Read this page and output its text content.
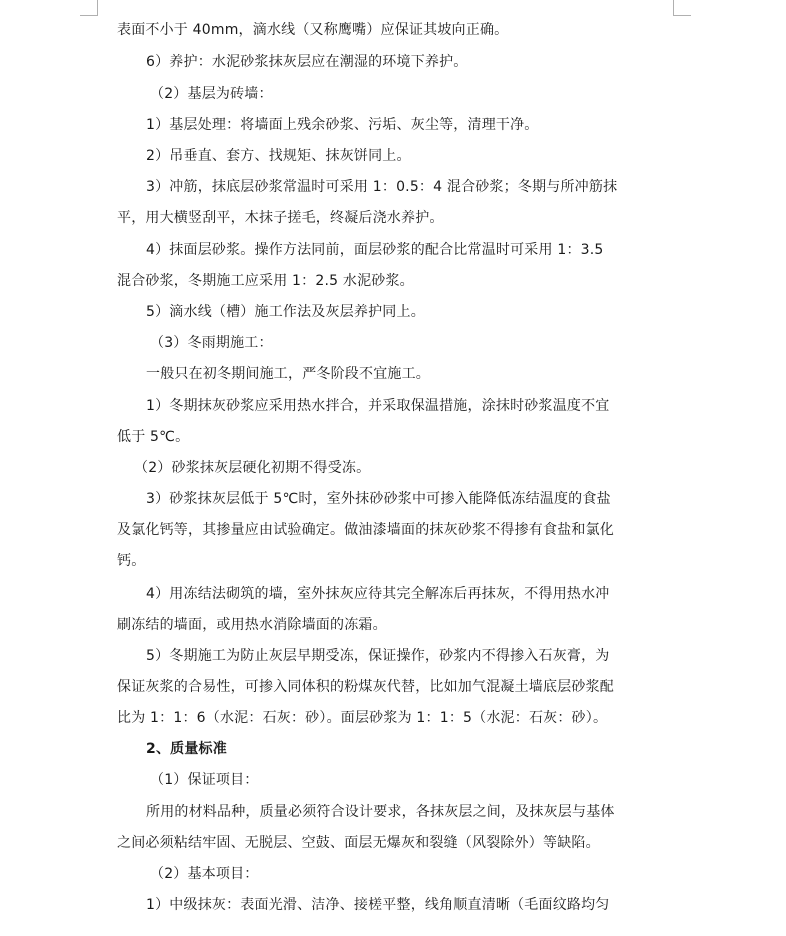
表面不小于 40mm，滴水线（又称鹰嘴）应保证其坡向正确。
6）养护：水泥砂浆抹灰层应在潮湿的环境下养护。
（2）基层为砖墙：
1）基层处理：将墙面上残余砂浆、污垢、灰尘等，清理干净。
2）吊垂直、套方、找规矩、抹灰饼同上。
3）冲筋，抹底层砂浆常温时可采用 1：0.5：4 混合砂浆；冬期与所冲筋抹
平，用大横竖刮平，木抹子搓毛，终凝后浇水养护。
4）抹面层砂浆。操作方法同前，面层砂浆的配合比常温时可采用 1：3.5
混合砂浆，冬期施工应采用 1：2.5 水泥砂浆。
5）滴水线（槽）施工作法及灰层养护同上。
（3）冬雨期施工：
一般只在初冬期间施工，严冬阶段不宜施工。
1）冬期抹灰砂浆应采用热水拌合，并采取保温措施，涂抹时砂浆温度不宜
低于 5℃。
（2）砂浆抹灰层硬化初期不得受冻。
3）砂浆抹灰层低于 5℃时，室外抹砂砂浆中可掺入能降低冻结温度的食盐
及氯化钙等，其掺量应由试验确定。做油漆墙面的抹灰砂浆不得掺有食盐和氯化
钙。
4）用冻结法砌筑的墙，室外抹灰应待其完全解冻后再抹灰，不得用热水冲
刷冻结的墙面，或用热水消除墙面的冻霜。
5）冬期施工为防止灰层早期受冻，保证操作，砂浆内不得掺入石灰膏，为
保证灰浆的合易性，可掺入同体积的粉煤灰代替，比如加气混凝土墙底层砂浆配
比为 1：1：6（水泥：石灰：砂）。面层砂浆为 1：1：5（水泥：石灰：砂）。
2、质量标准
（1）保证项目：
所用的材料品种，质量必须符合设计要求，各抹灰层之间，及抹灰层与基体
之间必须粘结牢固、无脱层、空鼓、面层无爆灰和裂缝（风裂除外）等缺陷。
（2）基本项目：
1）中级抹灰：表面光滑、洁净、接槎平整，线角顺直清晰（毛面纹路均匀
